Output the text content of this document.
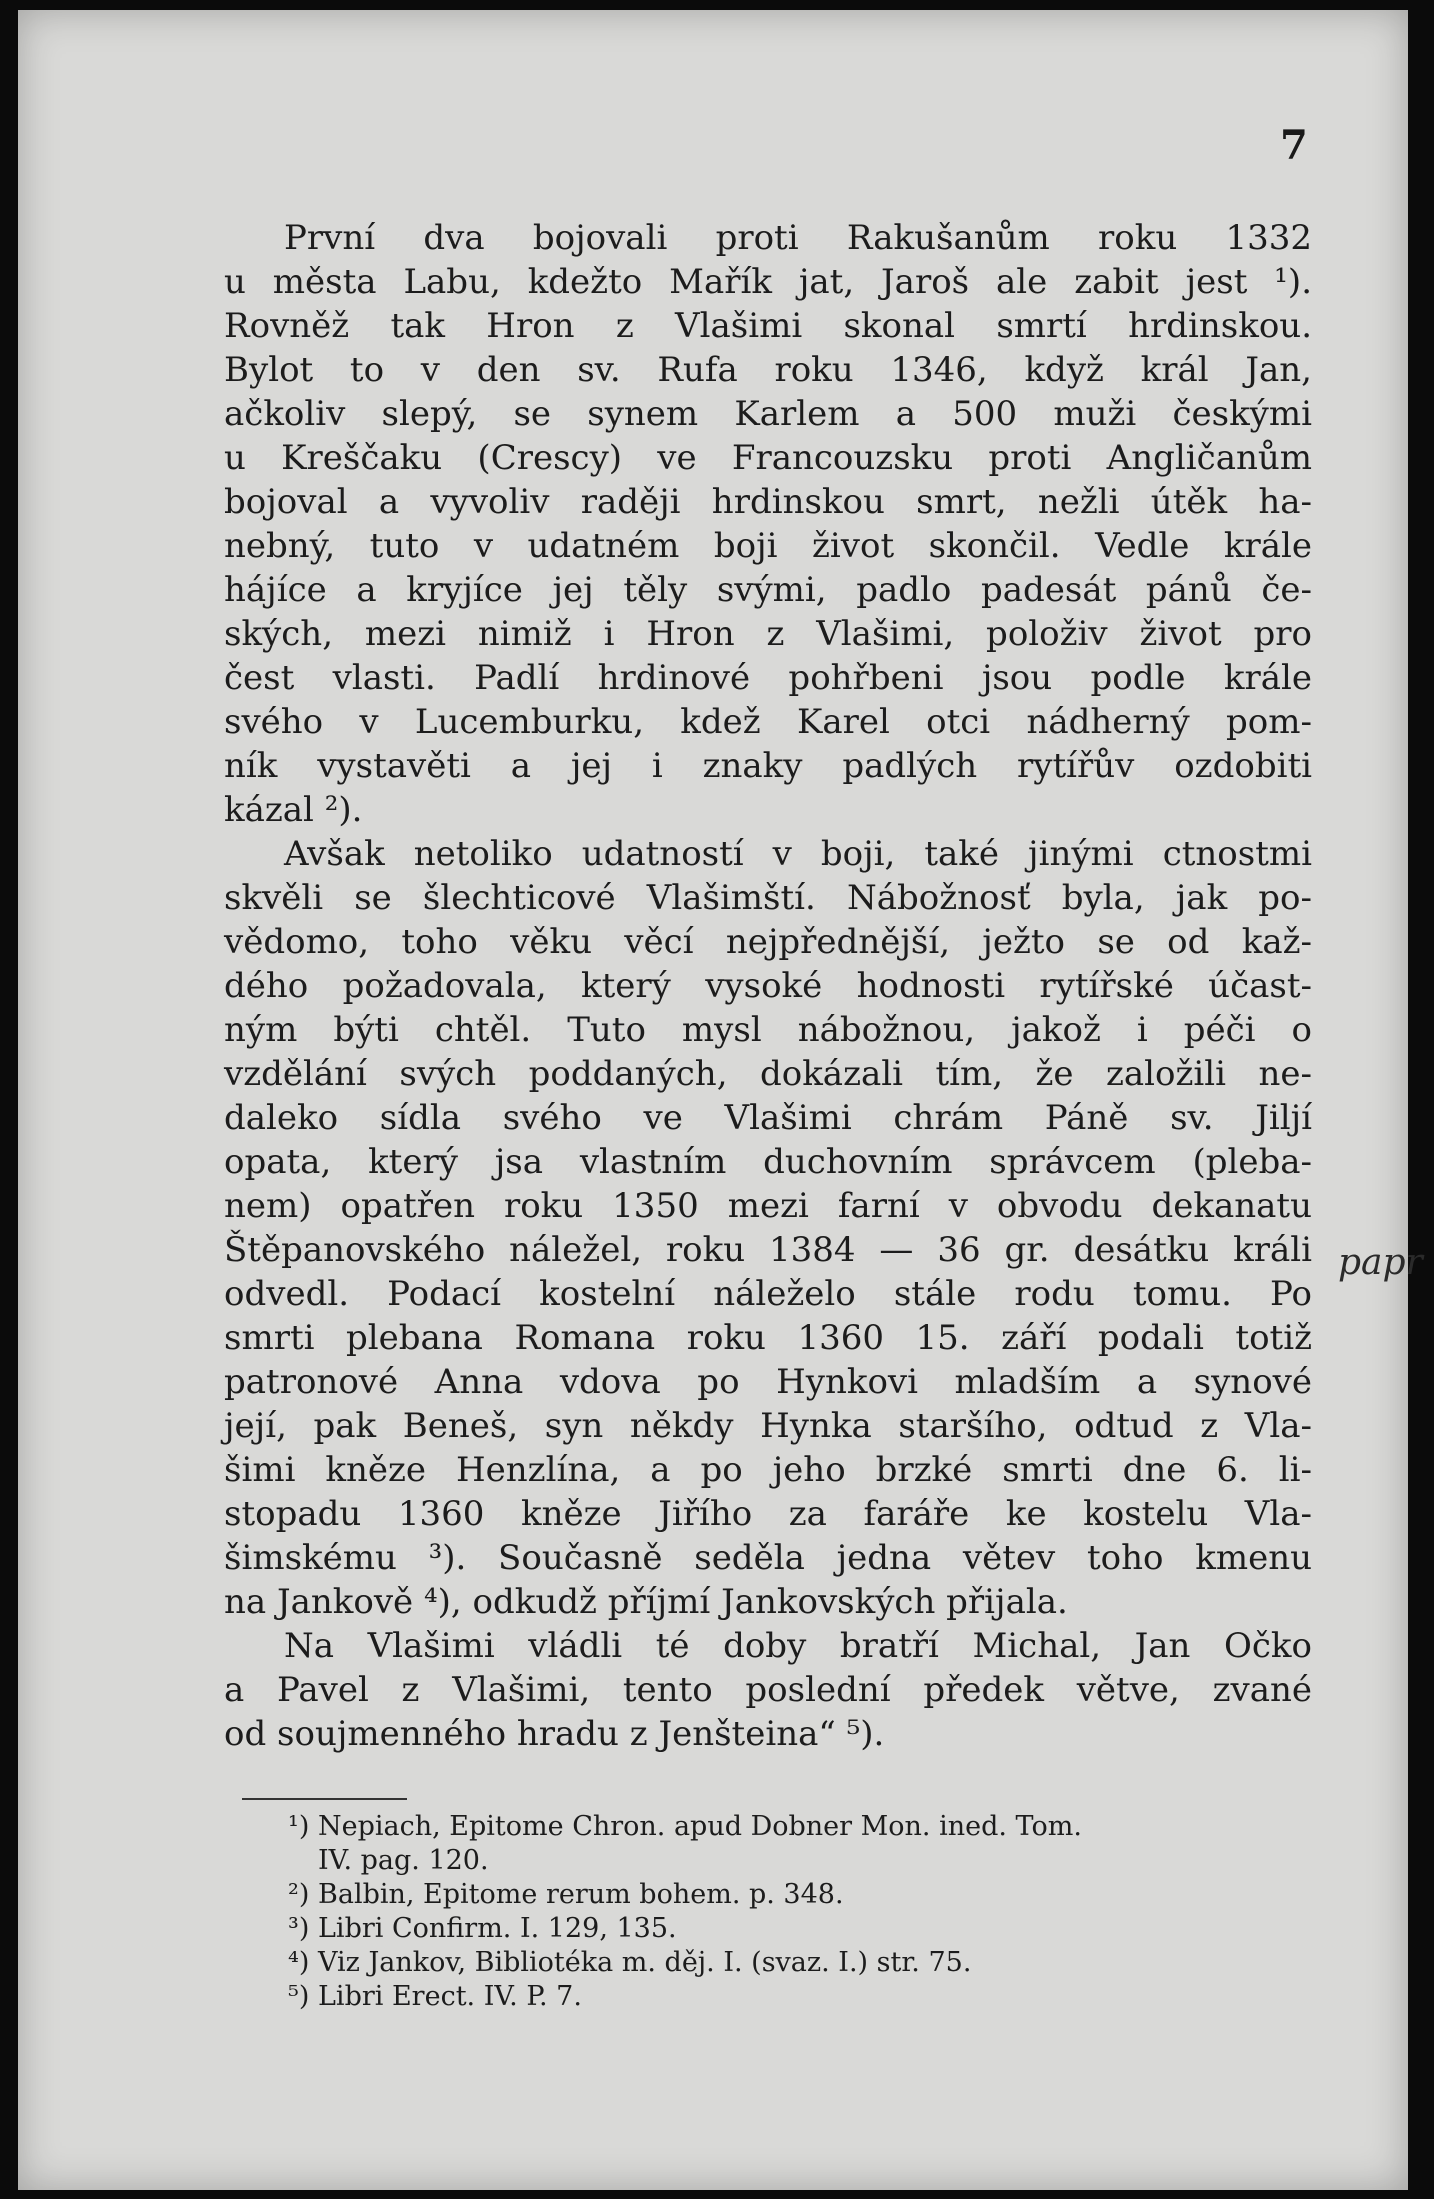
7

První dva bojovali proti Rakušanům roku 1332
u města Labu, kdežto Mařík jat, Jaroš ale zabit jest ¹).
Rovněž tak Hron z Vlašimi skonal smrtí hrdinskou.
Bylot to v den sv. Rufa roku 1346, když král Jan,
ačkoliv slepý, se synem Karlem a 500 muži českými
u Kreščaku (Crescy) ve Francouzsku proti Angličanům
bojoval a vyvoliv raději hrdinskou smrt, nežli útěk ha-
nebný, tuto v udatném boji život skončil. Vedle krále
hájíce a kryjíce jej těly svými, padlo padesát pánů če-
ských, mezi nimiž i Hron z Vlašimi, položiv život pro
čest vlasti. Padlí hrdinové pohřbeni jsou podle krále
svého v Lucemburku, kdež Karel otci nádherný pom-
ník vystavěti a jej i znaky padlých rytířův ozdobiti
kázal ²).

Avšak netoliko udatností v boji, také jinými ctnostmi
skvěli se šlechticové Vlašimští. Nábožnosť byla, jak po-
vědomo, toho věku věcí nejpřednější, ježto se od kaž-
dého požadovala, který vysoké hodnosti rytířské účast-
ným býti chtěl. Tuto mysl nábožnou, jakož i péči o
vzdělání svých poddaných, dokázali tím, že založili ne-
daleko sídla svého ve Vlašimi chrám Páně sv. Jiljí
opata, který jsa vlastním duchovním správcem (pleba-
nem) opatřen roku 1350 mezi farní v obvodu dekanatu
Štěpanovského náležel, roku 1384 — 36 gr. desátku králi
odvedl. Podací kostelní náleželo stále rodu tomu. Po
smrti plebana Romana roku 1360 15. září podali totiž
patronové Anna vdova po Hynkovi mladším a synové
její, pak Beneš, syn někdy Hynka staršího, odtud z Vla-
šimi kněze Henzlína, a po jeho brzké smrti dne 6. li-
stopadu 1360 kněze Jiřího za faráře ke kostelu Vla-
šimskému ³). Současně seděla jedna větev toho kmenu
na Jankově ⁴), odkudž příjmí Jankovských přijala.

Na Vlašimi vládli té doby bratří Michal, Jan Očko
a Pavel z Vlašimi, tento poslední předek větve, zvané
od soujmenného hradu z Jenšteina“ ⁵).

papr
¹) Nepiach, Epitome Chron. apud Dobner Mon. ined. Tom.
IV. pag. 120.
²) Balbin, Epitome rerum bohem. p. 348.
³) Libri Confirm. I. 129, 135.
⁴) Viz Jankov, Bibliotéka m. děj. I. (svaz. I.) str. 75.
⁵) Libri Erect. IV. P. 7.
